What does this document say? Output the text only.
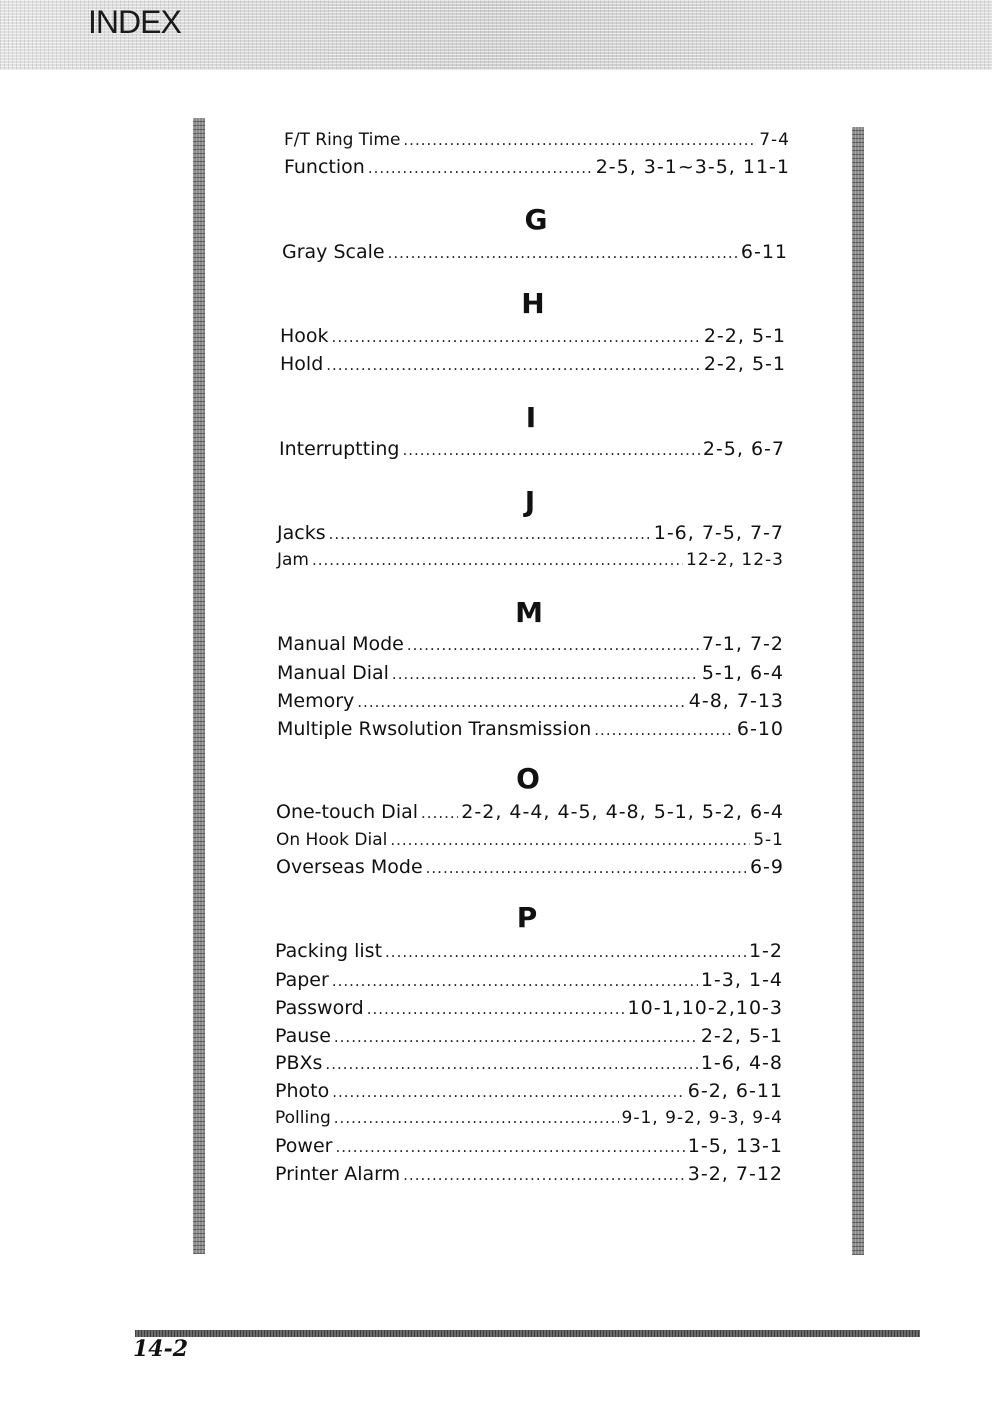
INDEX
F/T Ring Time .....	7-4
Function .....	2-5, 3-1~3-5, 11-1
G
Gray Scale .....	6-11
H
Hook .....	2-2, 5-1
Hold .....	2-2, 5-1
I
Interruptting .....	2-5, 6-7
J
Jacks .....	1-6, 7-5, 7-7
Jam .....	12-2, 12-3
M
Manual Mode .....	7-1, 7-2
Manual Dial .....	5-1, 6-4
Memory .....	4-8, 7-13
Multiple Rwsolution Transmission .....	6-10
O
One-touch Dial ..... 2-2, 4-4, 4-5, 4-8, 5-1, 5-2, 6-4
On Hook Dial .....	5-1
Overseas Mode .....	6-9
P
Packing list .....	1-2
Paper .....	1-3, 1-4
Password .....	10-1,10-2,10-3
Pause .....	2-2, 5-1
PBXs .....	1-6, 4-8
Photo .....	6-2, 6-11
Polling .....	9-1, 9-2, 9-3, 9-4
Power .....	1-5, 13-1
Printer Alarm .....	3-2, 7-12
14-2
